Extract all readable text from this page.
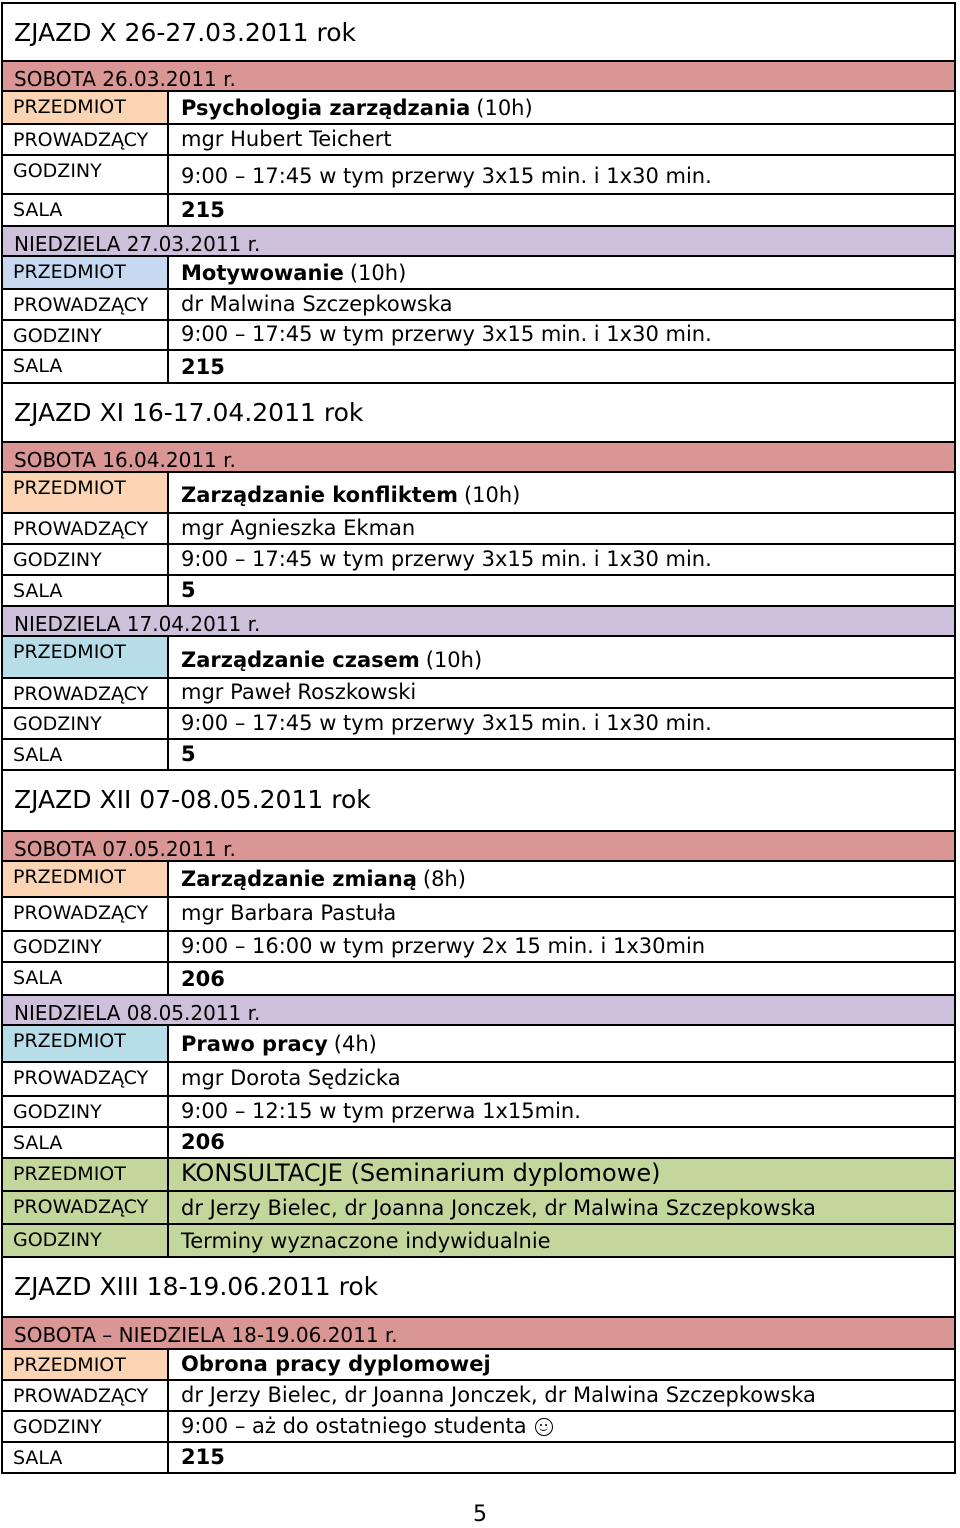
ZJAZD X 26-27.03.2011 rok
SOBOTA 26.03.2011 r.
PRZEDMIOT	Psychologia zarządzania (10h)
PROWADZĄCY	mgr Hubert Teichert
GODZINY	9:00 – 17:45 w tym przerwy 3x15 min. i 1x30 min.
SALA	215
NIEDZIELA 27.03.2011 r.
PRZEDMIOT	Motywowanie (10h)
PROWADZĄCY	dr Malwina Szczepkowska
GODZINY	9:00 – 17:45 w tym przerwy 3x15 min. i 1x30 min.
SALA	215
ZJAZD XI 16-17.04.2011 rok
SOBOTA 16.04.2011 r.
PRZEDMIOT	Zarządzanie konfliktem (10h)
PROWADZĄCY	mgr Agnieszka Ekman
GODZINY	9:00 – 17:45 w tym przerwy 3x15 min. i 1x30 min.
SALA	5
NIEDZIELA 17.04.2011 r.
PRZEDMIOT	Zarządzanie czasem (10h)
PROWADZĄCY	mgr Paweł Roszkowski
GODZINY	9:00 – 17:45 w tym przerwy 3x15 min. i 1x30 min.
SALA	5
ZJAZD XII 07-08.05.2011 rok
SOBOTA 07.05.2011 r.
PRZEDMIOT	Zarządzanie zmianą (8h)
PROWADZĄCY	mgr Barbara Pastuła
GODZINY	9:00 – 16:00 w tym przerwy 2x 15 min. i 1x30min
SALA	206
NIEDZIELA 08.05.2011 r.
PRZEDMIOT	Prawo pracy (4h)
PROWADZĄCY	mgr Dorota Sędzicka
GODZINY	9:00 – 12:15 w tym przerwa 1x15min.
SALA	206
PRZEDMIOT	KONSULTACJE (Seminarium dyplomowe)
PROWADZĄCY	dr Jerzy Bielec, dr Joanna Jonczek, dr Malwina Szczepkowska
GODZINY	Terminy wyznaczone indywidualnie
ZJAZD XIII 18-19.06.2011 rok
SOBOTA – NIEDZIELA 18-19.06.2011 r.
PRZEDMIOT	Obrona pracy dyplomowej
PROWADZĄCY	dr Jerzy Bielec, dr Joanna Jonczek, dr Malwina Szczepkowska
GODZINY	9:00 – aż do ostatniego studenta
SALA	215
5
